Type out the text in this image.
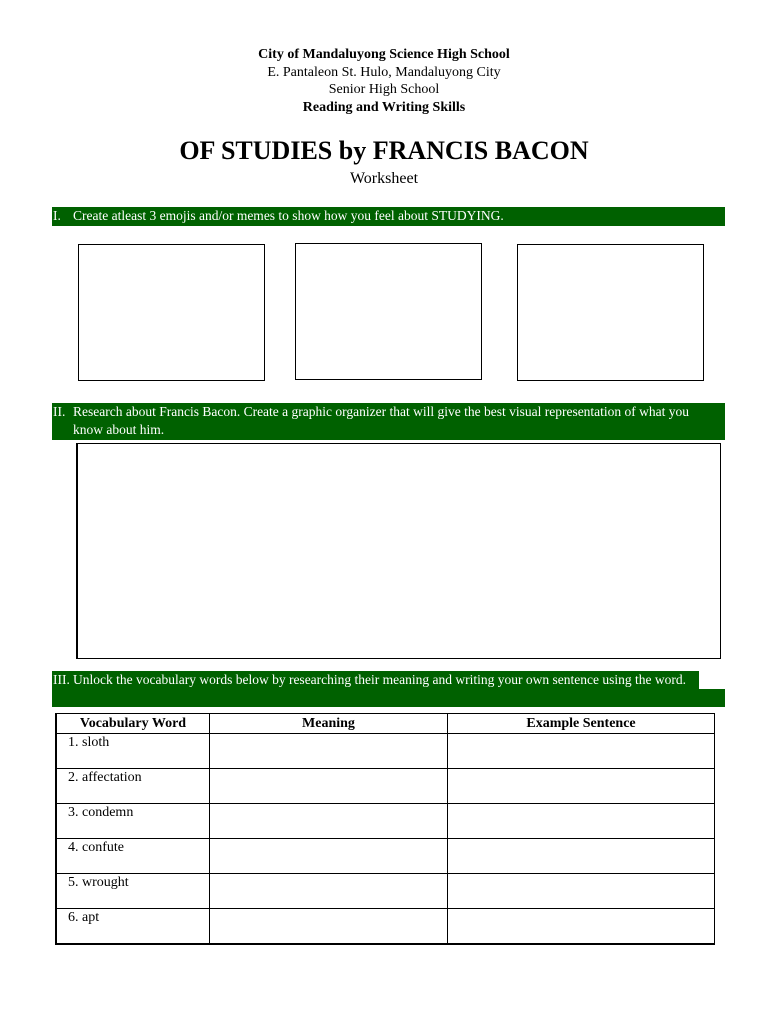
City of Mandaluyong Science High School
E. Pantaleon St. Hulo, Mandaluyong City
Senior High School
Reading and Writing Skills
OF STUDIES by FRANCIS BACON
Worksheet
I. Create atleast 3 emojis and/or memes to show how you feel about STUDYING.
II. Research about Francis Bacon. Create a graphic organizer that will give the best visual representation of what you know about him.
III. Unlock the vocabulary words below by researching their meaning and writing your own sentence using the word.
Vocabulary Word	Meaning	Example Sentence
1. sloth		
2. affectation		
3. condemn		
4. confute		
5. wrought		
6. apt		
